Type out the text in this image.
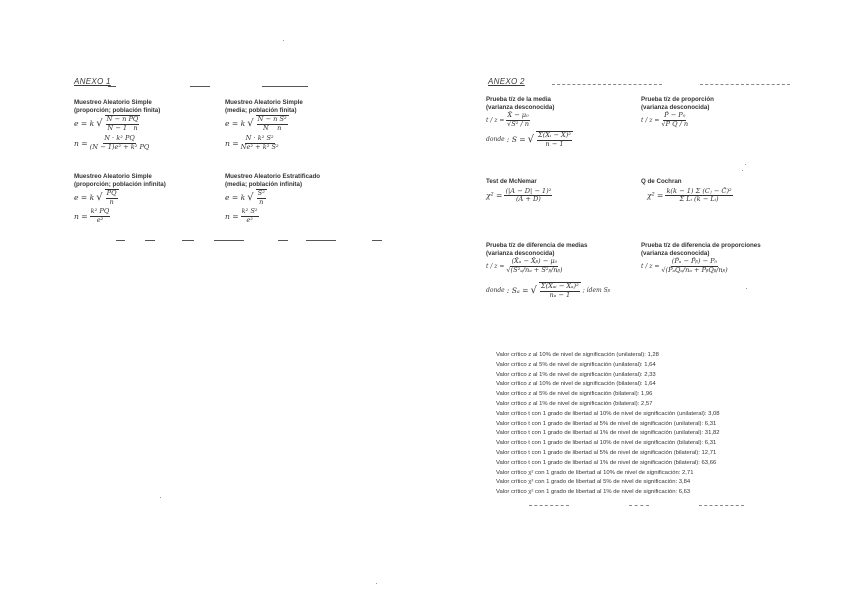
ANEXO 1
Muestreo Aleatorio Simple
(proporción; población finita)
e = k √ $\frac{\text{N − n PQ}}{N - 1 n}$
$n = \frac{\text{N · k² PQ}}{\text{(N − 1)e² + k² PQ}}$
Muestreo Aleatorio Simple
(media; población finita)
e = k √ $\frac{\text{N − n S²}}{\text{N    n}}$
$n = \frac{\text{N · k² S²}}{\text{Ne² + k² S²}}$
Muestreo Aleatorio Simple
(proporción; población infinita)
e = k √ $\frac{PQ}{n}$
$n = \frac{\text{k² PQ}}{\text{e²}}$
Muestreo Aleatorio Estratificado
(media; población infinita)
e = k √ $\frac{\text{S²}}{n}$
$n = \frac{\text{k² S²}}{\text{e²}}$
ANEXO 2
Prueba t/z de la media
(varianza desconocida)
$t / z = \frac{\text{X̄ − μ₀}}{\text{√S² / n}}$
donde : S = √ $\frac{\text{Σ(Xᵢ − X̄)²}}{n - 1}$
Prueba t/z de proporción
(varianza desconocida)
$t / z = \frac{\text{P̂ − P₀}}{√P̂ Q̂ / n}$
Test de McNemar
$\chi^2 = \frac{\text{(|A − D| − 1)²}}{(A + D)}$
Q de Cochran
$\chi^2 = \frac{\text{k(k − 1) Σ (Cⱼ − C̄)²}}{\text{Σ Lᵢ (k − Lᵢ)}}$
Prueba t/z de diferencia de medias
(varianza desconocida)
$t / z = \frac{\text{(X̄ₐ − X̄ᵦ) − μ₀}}{\text{√(S²ₐ/nₐ + S²ᵦ/nᵦ)}}$
donde : Sₐ = √ $\frac{\text{Σ(Xₐᵢ − X̄ₐ)²}}{\text{nₐ − 1}}$ ; ídem Sᵦ
Prueba t/z de diferencia de proporciones
(varianza desconocida)
$t / z = \frac{\text{(P̂ₐ − P̂ᵦ) − P₀}}{\text{√(P̂ₐQ̂ₐ/nₐ + P̂ᵦQ̂ᵦ/nᵦ)}}$
Valor crítico z al 10% de nivel de significación (unilateral): 1,28
Valor crítico z al 5% de nivel de significación (unilateral): 1,64
Valor crítico z al 1% de nivel de significación (unilateral): 2,33
Valor crítico z al 10% de nivel de significación (bilateral): 1,64
Valor crítico z al 5% de nivel de significación (bilateral): 1,96
Valor crítico z al 1% de nivel de significación (bilateral): 2,57
Valor crítico t con 1 grado de libertad al 10% de nivel de significación (unilateral): 3,08
Valor crítico t con 1 grado de libertad al 5% de nivel de significación (unilateral): 6,31
Valor crítico t con 1 grado de libertad al 1% de nivel de significación (unilateral): 31,82
Valor crítico t con 1 grado de libertad al 10% de nivel de significación (bilateral): 6,31
Valor crítico t con 1 grado de libertad al 5% de nivel de significación (bilateral): 12,71
Valor crítico t con 1 grado de libertad al 1% de nivel de significación (bilateral): 63,66
Valor crítico χ² con 1 grado de libertad al 10% de nivel de significación: 2,71
Valor crítico χ² con 1 grado de libertad al 5% de nivel de significación: 3,84
Valor crítico χ² con 1 grado de libertad al 1% de nivel de significación: 6,63
